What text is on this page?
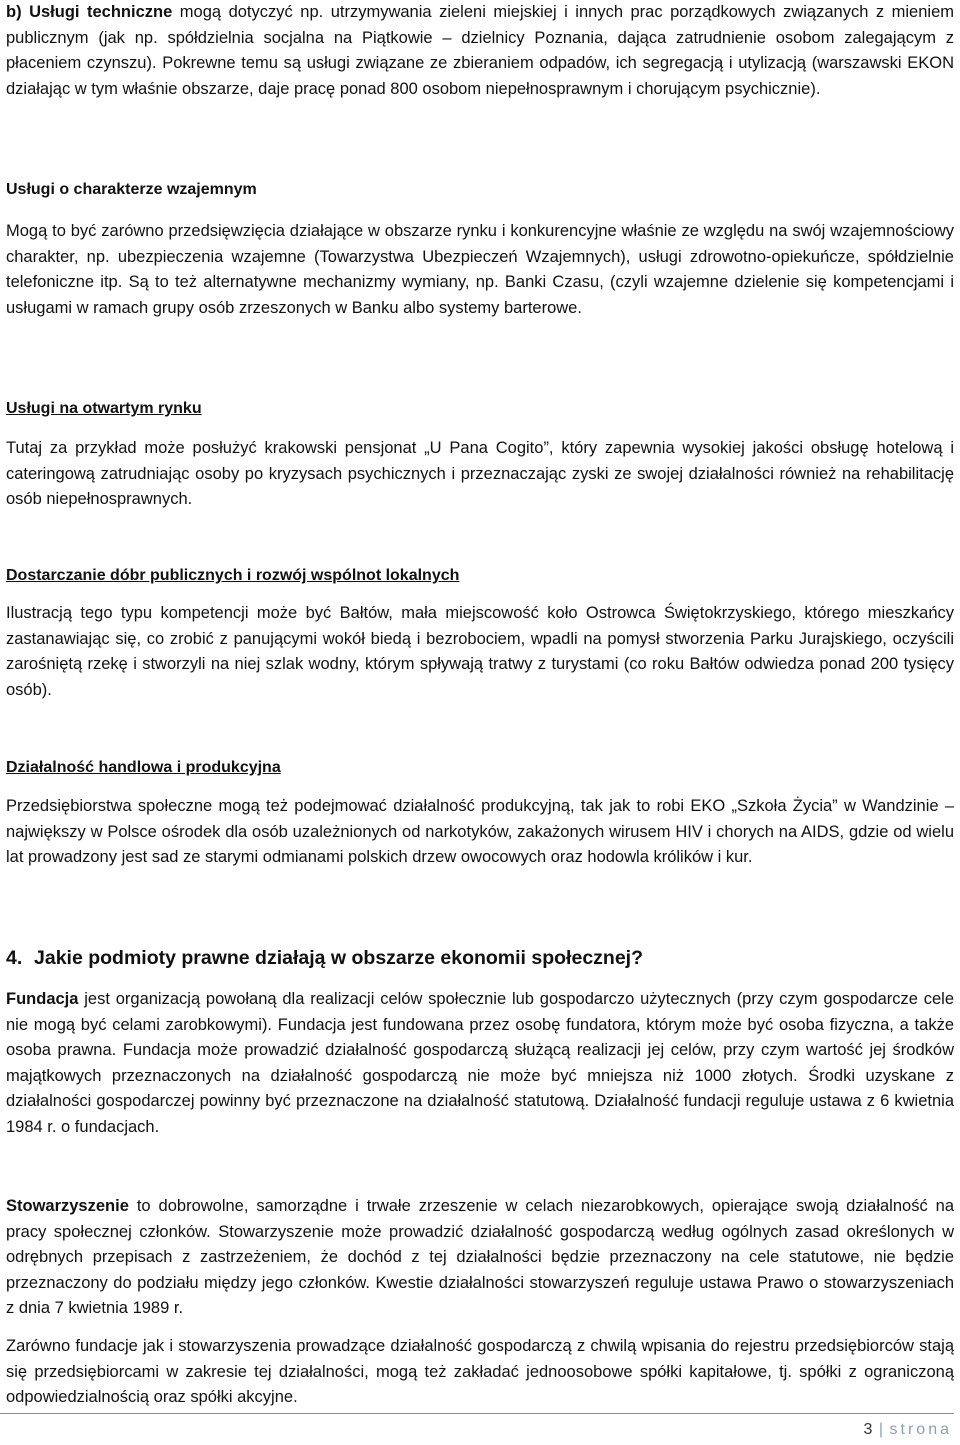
b) Usługi techniczne mogą dotyczyć np. utrzymywania zieleni miejskiej i innych prac porządkowych związanych z mieniem publicznym (jak np. spółdzielnia socjalna na Piątkowie – dzielnicy Poznania, dająca zatrudnienie osobom zalegającym z płaceniem czynszu). Pokrewne temu są usługi związane ze zbieraniem odpadów, ich segregacją i utylizacją (warszawski EKON działając w tym właśnie obszarze, daje pracę ponad 800 osobom niepełnosprawnym i chorującym psychicznie).

Usługi o charakterze wzajemnym

Mogą to być zarówno przedsięwzięcia działające w obszarze rynku i konkurencyjne właśnie ze względu na swój wzajemnościowy charakter, np. ubezpieczenia wzajemne (Towarzystwa Ubezpieczeń Wzajemnych), usługi zdrowotno-opiekuńcze, spółdzielnie telefoniczne itp. Są to też alternatywne mechanizmy wymiany, np. Banki Czasu, (czyli wzajemne dzielenie się kompetencjami i usługami w ramach grupy osób zrzeszonych w Banku albo systemy barterowe.

Usługi na otwartym rynku

Tutaj za przykład może posłużyć krakowski pensjonat „U Pana Cogito”, który zapewnia wysokiej jakości obsługę hotelową i cateringową zatrudniając osoby po kryzysach psychicznych i przeznaczając zyski ze swojej działalności również na rehabilitację osób niepełnosprawnych.

Dostarczanie dóbr publicznych i rozwój wspólnot lokalnych

Ilustracją tego typu kompetencji może być Bałtów, mała miejscowość koło Ostrowca Świętokrzyskiego, którego mieszkańcy zastanawiając się, co zrobić z panującymi wokół biedą i bezrobociem, wpadli na pomysł stworzenia Parku Jurajskiego, oczyścili zarośniętą rzekę i stworzyli na niej szlak wodny, którym spływają tratwy z turystami (co roku Bałtów odwiedza ponad 200 tysięcy osób).

Działalność handlowa i produkcyjna

Przedsiębiorstwa społeczne mogą też podejmować działalność produkcyjną, tak jak to robi EKO „Szkoła Życia” w Wandzinie – największy w Polsce ośrodek dla osób uzależnionych od narkotyków, zakażonych wirusem HIV i chorych na AIDS, gdzie od wielu lat prowadzony jest sad ze starymi odmianami polskich drzew owocowych oraz hodowla królików i kur.

4. Jakie podmioty prawne działają w obszarze ekonomii społecznej?

Fundacja jest organizacją powołaną dla realizacji celów społecznie lub gospodarczo użytecznych (przy czym gospodarcze cele nie mogą być celami zarobkowymi). Fundacja jest fundowana przez osobę fundatora, którym może być osoba fizyczna, a także osoba prawna. Fundacja może prowadzić działalność gospodarczą służącą realizacji jej celów, przy czym wartość jej środków majątkowych przeznaczonych na działalność gospodarczą nie może być mniejsza niż 1000 złotych. Środki uzyskane z działalności gospodarczej powinny być przeznaczone na działalność statutową. Działalność fundacji reguluje ustawa z 6 kwietnia 1984 r. o fundacjach.

Stowarzyszenie to dobrowolne, samorządne i trwałe zrzeszenie w celach niezarobkowych, opierające swoją działalność na pracy społecznej członków. Stowarzyszenie może prowadzić działalność gospodarczą według ogólnych zasad określonych w odrębnych przepisach z zastrzeżeniem, że dochód z tej działalności będzie przeznaczony na cele statutowe, nie będzie przeznaczony do podziału między jego członków. Kwestie działalności stowarzyszeń reguluje ustawa Prawo o stowarzyszeniach z dnia 7 kwietnia 1989 r.

Zarówno fundacje jak i stowarzyszenia prowadzące działalność gospodarczą z chwilą wpisania do rejestru przedsiębiorców stają się przedsiębiorcami w zakresie tej działalności, mogą też zakładać jednoosobowe spółki kapitałowe, tj. spółki z ograniczoną odpowiedzialnością oraz spółki akcyjne.

3 | strona
